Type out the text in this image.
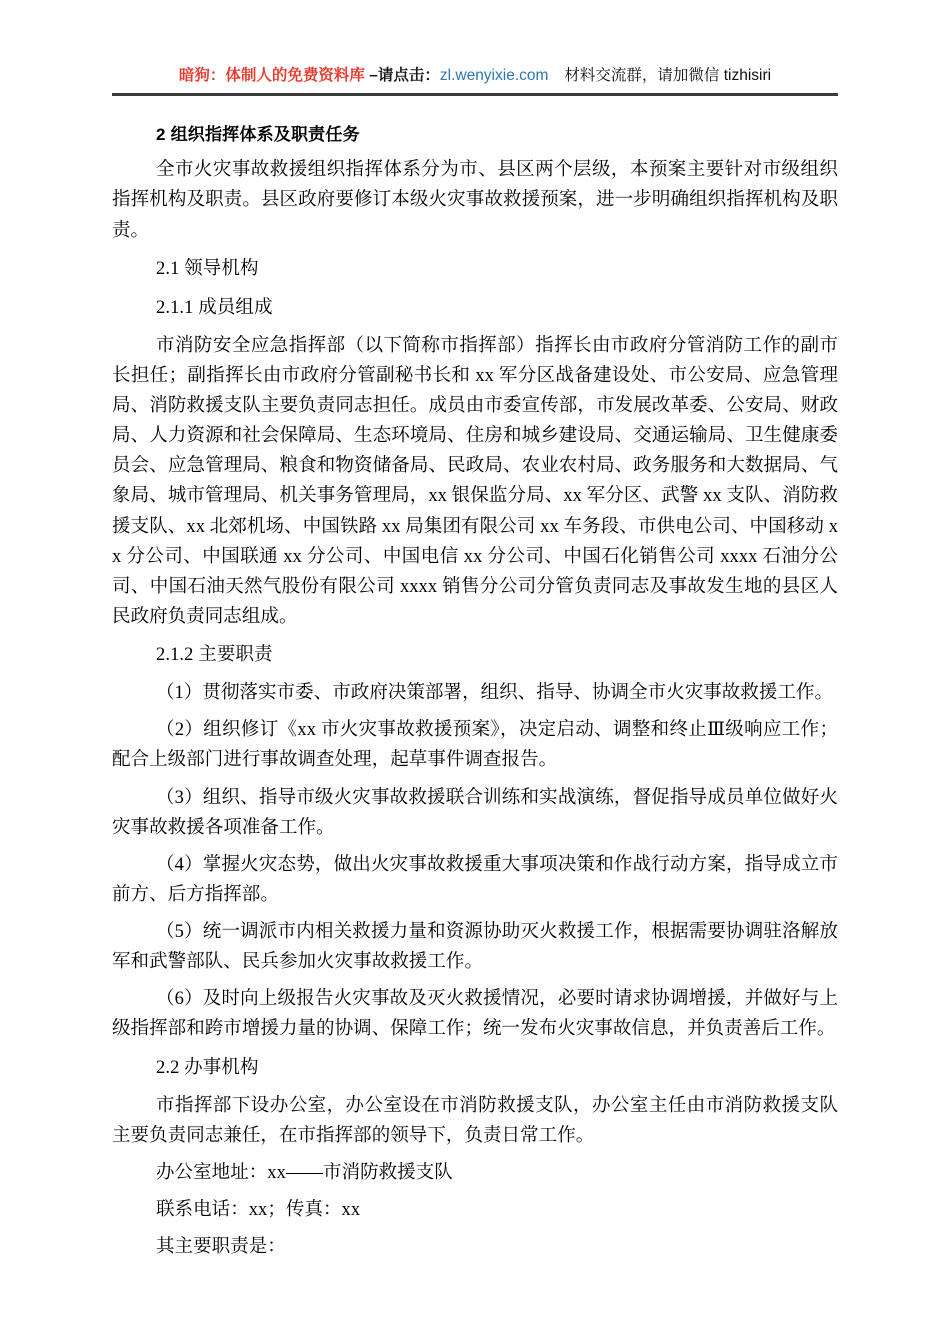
暗狗：体制人的免费资料库 –请点击：zl.wenyixie.com 材料交流群，请加微信 tizhisiri

2 组织指挥体系及职责任务

全市火灾事故救援组织指挥体系分为市、县区两个层级，本预案主要针对市级组织指挥机构及职责。县区政府要修订本级火灾事故救援预案，进一步明确组织指挥机构及职责。

2.1 领导机构

2.1.1 成员组成

市消防安全应急指挥部（以下简称市指挥部）指挥长由市政府分管消防工作的副市长担任；副指挥长由市政府分管副秘书长和 xx 军分区战备建设处、市公安局、应急管理局、消防救援支队主要负责同志担任。成员由市委宣传部，市发展改革委、公安局、财政局、人力资源和社会保障局、生态环境局、住房和城乡建设局、交通运输局、卫生健康委员会、应急管理局、粮食和物资储备局、民政局、农业农村局、政务服务和大数据局、气象局、城市管理局、机关事务管理局，xx 银保监分局、xx 军分区、武警 xx 支队、消防救援支队、xx 北郊机场、中国铁路 xx 局集团有限公司 xx 车务段、市供电公司、中国移动 xx 分公司、中国联通 xx 分公司、中国电信 xx 分公司、中国石化销售公司 xxxx 石油分公司、中国石油天然气股份有限公司 xxxx 销售分公司分管负责同志及事故发生地的县区人民政府负责同志组成。

2.1.2 主要职责

（1）贯彻落实市委、市政府决策部署，组织、指导、协调全市火灾事故救援工作。

（2）组织修订《xx 市火灾事故救援预案》，决定启动、调整和终止Ⅲ级响应工作；配合上级部门进行事故调查处理，起草事件调查报告。

（3）组织、指导市级火灾事故救援联合训练和实战演练，督促指导成员单位做好火灾事故救援各项准备工作。

（4）掌握火灾态势，做出火灾事故救援重大事项决策和作战行动方案，指导成立市前方、后方指挥部。

（5）统一调派市内相关救援力量和资源协助灭火救援工作，根据需要协调驻洛解放军和武警部队、民兵参加火灾事故救援工作。

（6）及时向上级报告火灾事故及灭火救援情况，必要时请求协调增援，并做好与上级指挥部和跨市增援力量的协调、保障工作；统一发布火灾事故信息，并负责善后工作。

2.2 办事机构

市指挥部下设办公室，办公室设在市消防救援支队，办公室主任由市消防救援支队主要负责同志兼任，在市指挥部的领导下，负责日常工作。

办公室地址：xx——市消防救援支队

联系电话：xx；传真：xx

其主要职责是：
